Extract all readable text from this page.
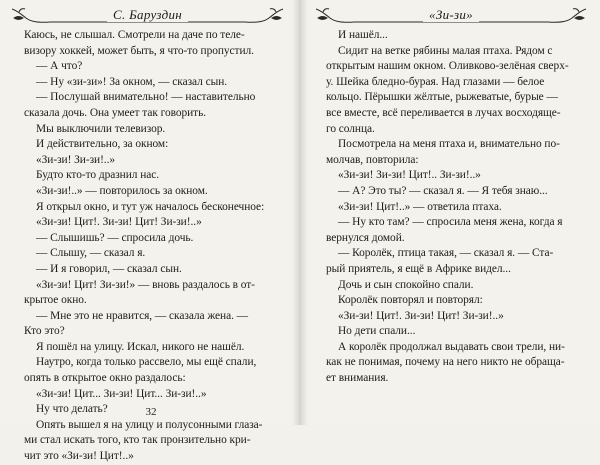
С. Баруздин
Каюсь, не слышал. Смотрели на даче по теле-
визору хоккей, может быть, я что-то пропустил.
— А что?
— Ну «зи-зи»! За окном, — сказал сын.
— Послушай внимательно! — наставительно
сказала дочь. Она умеет так говорить.
Мы выключили телевизор.
И действительно, за окном:
«Зи-зи! Зи-зи!..»
Будто кто-то дразнил нас.
«Зи-зи!..» — повторилось за окном.
Я открыл окно, и тут уж началось бесконечное:
«Зи-зи! Цит!. Зи-зи! Цит! Зи-зи!..»
— Слышишь? — спросила дочь.
— Слышу, — сказал я.
— И я говорил, — сказал сын.
«Зи-зи! Цит! Зи-зи!» — вновь раздалось в от-
крытое окно.
— Мне это не нравится, — сказала жена. —
Кто это?
Я пошёл на улицу. Искал, никого не нашёл.
Наутро, когда только рассвело, мы ещё спали,
опять в открытое окно раздалось:
«Зи-зи! Цит... Зи-зи! Цит... Зи-зи!..»
Ну что делать?
Опять вышел я на улицу и полусонными глаза-
ми стал искать того, кто так пронзительно кри-
чит это «Зи-зи! Цит!..»
32
«Зи-зи»
И нашёл...
Сидит на ветке рябины малая птаха. Рядом с
открытым нашим окном. Оливково-зелёная сверх-
у. Шейка бледно-бурая. Над глазами — белое
кольцо. Пёрышки жёлтые, рыжеватые, бурые —
все вместе, всё переливается в лучах восходяще-
го солнца.
Посмотрела на меня птаха и, внимательно по-
молчав, повторила:
«Зи-зи! Зи-зи! Цит!.. Зи-зи!..»
— А? Это ты? — сказал я. — Я тебя знаю...
«Зи-зи! Цит!..» — ответила птаха.
— Ну кто там? — спросила меня жена, когда я
вернулся домой.
— Королёк, птица такая, — сказал я. — Ста-
рый приятель, я ещё в Африке видел...
Дочь и сын спокойно спали.
Королёк повторял и повторял:
«Зи-зи! Цит!. Зи-зи! Цит! Зи-зи!..»
Но дети спали...
А королёк продолжал выдавать свои трели, ни-
как не понимая, почему на него никто не обраща-
ет внимания.
